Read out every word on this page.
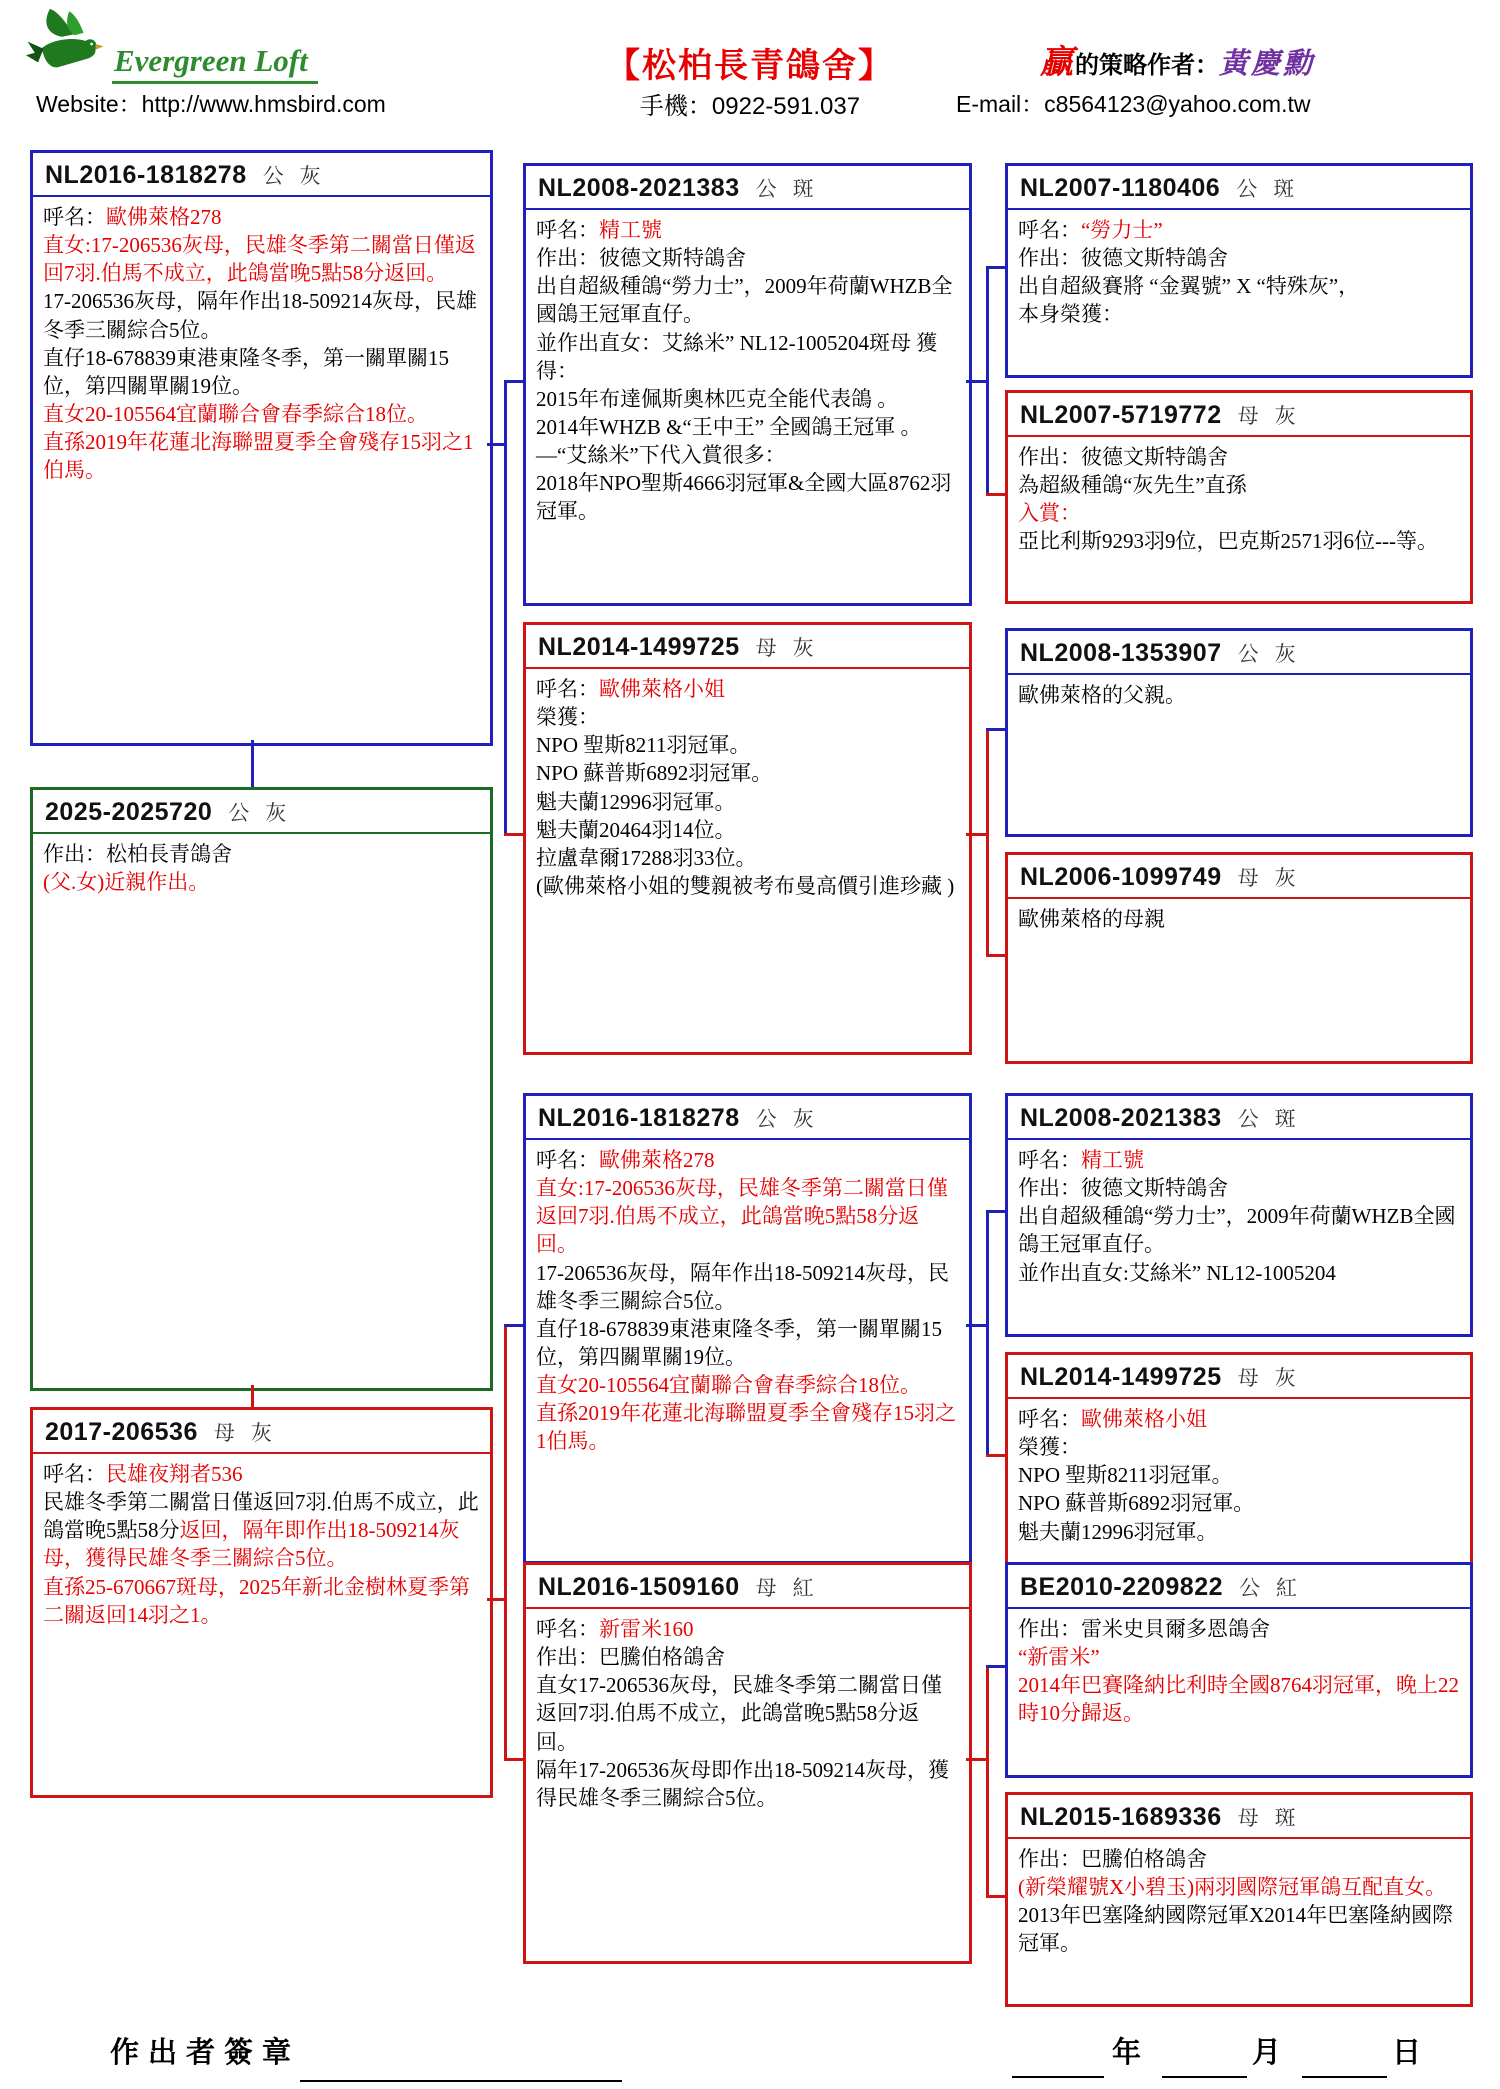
Evergreen Loft
Website：http://www.hmsbird.com
【松柏長青鴿舍】
手機：0922-591.037
贏 的策略作者： 黃慶勳
E-mail：c8564123@yahoo.com.tw
NL2016-1818278 公 灰
呼名：歐佛萊格278
直女:17-206536灰母，民雄冬季第二關當日僅返回7羽.伯馬不成立，此鴿當晚5點58分返回。
17-206536灰母，隔年作出18-509214灰母，民雄冬季三關綜合5位。
直仔18-678839東港東隆冬季，第一關單關15位，第四關單關19位。
直女20-105564宜蘭聯合會春季綜合18位。
直孫2019年花蓮北海聯盟夏季全會殘存15羽之1伯馬。
2025-2025720 公 灰
作出：松柏長青鴿舍
(父.女)近親作出。
2017-206536 母 灰
呼名：民雄夜翔者536
民雄冬季第二關當日僅返回7羽.伯馬不成立，此鴿當晚5點58分返回，隔年即作出18-509214灰母，獲得民雄冬季三關綜合5位。
直孫25-670667斑母，2025年新北金樹林夏季第二關返回14羽之1。
NL2008-2021383 公 斑
呼名：精工號
作出：彼德文斯特鴿舍
出自超級種鴿“勞力士”，2009年荷蘭WHZB全國鴿王冠軍直仔。
並作出直女：艾絲米” NL12-1005204斑母 獲得：
2015年布達佩斯奧林匹克全能代表鴿 。
2014年WHZB &“王中王” 全國鴿王冠軍 。
—“艾絲米”下代入賞很多：
2018年NPO聖斯4666羽冠軍&全國大區8762羽冠軍。
NL2014-1499725 母 灰
呼名：歐佛萊格小姐
榮獲：
NPO 聖斯8211羽冠軍。
NPO 蘇普斯6892羽冠軍。
魁夫蘭12996羽冠軍。
魁夫蘭20464羽14位。
拉盧韋爾17288羽33位。
(歐佛萊格小姐的雙親被考布曼高價引進珍藏 )
NL2016-1818278 公 灰
呼名：歐佛萊格278
直女:17-206536灰母，民雄冬季第二關當日僅返回7羽.伯馬不成立，此鴿當晚5點58分返回。
17-206536灰母，隔年作出18-509214灰母，民雄冬季三關綜合5位。
直仔18-678839東港東隆冬季，第一關單關15位，第四關單關19位。
直女20-105564宜蘭聯合會春季綜合18位。
直孫2019年花蓮北海聯盟夏季全會殘存15羽之1伯馬。
NL2016-1509160 母 紅
呼名：新雷米160
作出：巴騰伯格鴿舍
直女17-206536灰母，民雄冬季第二關當日僅返回7羽.伯馬不成立，此鴿當晚5點58分返回。
隔年17-206536灰母即作出18-509214灰母，獲得民雄冬季三關綜合5位。
NL2007-1180406 公 斑
呼名：“勞力士”
作出：彼德文斯特鴿舍
出自超級賽將 “金翼號” X “特殊灰”，
本身榮獲：
NL2007-5719772 母 灰
作出：彼德文斯特鴿舍
為超級種鴿“灰先生”直孫
入賞：
亞比利斯9293羽9位，巴克斯2571羽6位---等。
NL2008-1353907 公 灰
歐佛萊格的父親。
NL2006-1099749 母 灰
歐佛萊格的母親
NL2008-2021383 公 斑
呼名：精工號
作出：彼德文斯特鴿舍
出自超級種鴿“勞力士”，2009年荷蘭WHZB全國鴿王冠軍直仔。
並作出直女:艾絲米” NL12-1005204
NL2014-1499725 母 灰
呼名：歐佛萊格小姐
榮獲：
NPO 聖斯8211羽冠軍。
NPO 蘇普斯6892羽冠軍。
魁夫蘭12996羽冠軍。
BE2010-2209822 公 紅
作出：雷米史貝爾多恩鴿舍
“新雷米”
2014年巴賽隆納比利時全國8764羽冠軍，晚上22時10分歸返。
NL2015-1689336 母 斑
作出：巴騰伯格鴿舍
(新榮耀號X小碧玉)兩羽國際冠軍鴿互配直女。
2013年巴塞隆納國際冠軍X2014年巴塞隆納國際冠軍。
作出者簽章	年	月	日
